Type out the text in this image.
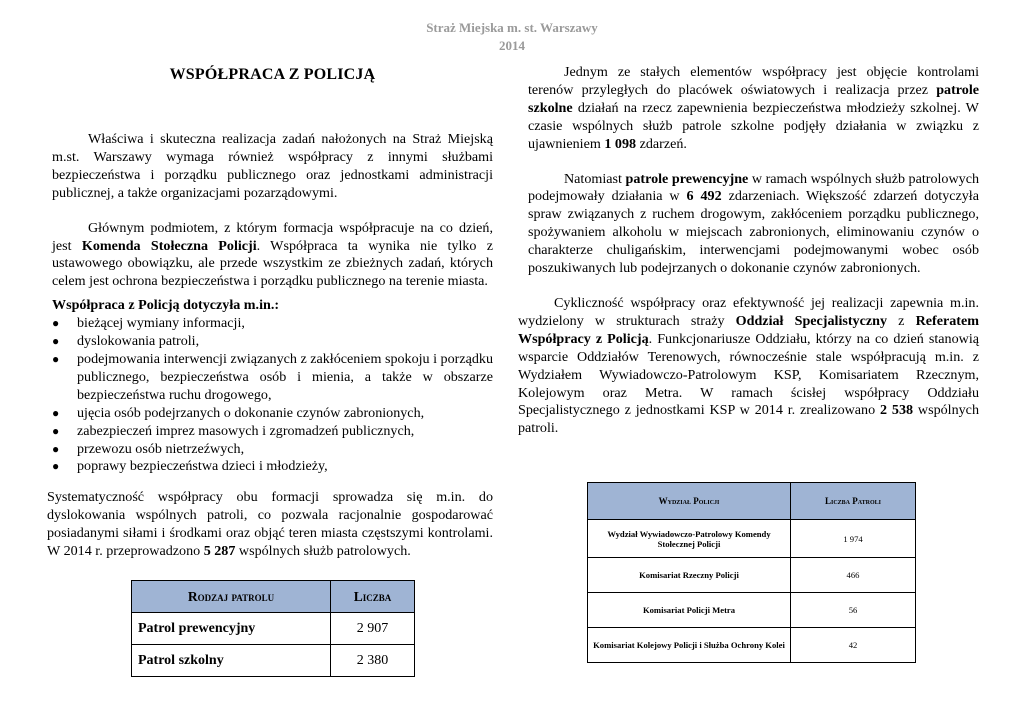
Straż Miejska m. st. Warszawy
2014
WSPÓŁPRACA Z POLICJĄ

Właściwa i skuteczna realizacja zadań nałożonych na Straż Miejską m.st. Warszawy wymaga również współpracy z innymi służbami bezpieczeństwa i porządku publicznego oraz jednostkami administracji publicznej, a także organizacjami pozarządowymi.

Głównym podmiotem, z którym formacja współpracuje na co dzień, jest Komenda Stołeczna Policji. Współpraca ta wynika nie tylko z ustawowego obowiązku, ale przede wszystkim ze zbieżnych zadań, których celem jest ochrona bezpieczeństwa i porządku publicznego na terenie miasta.

Współpraca z Policją dotyczyła m.in.:
● bieżącej wymiany informacji,
● dyslokowania patroli,
● podejmowania interwencji związanych z zakłóceniem spokoju i porządku publicznego, bezpieczeństwa osób i mienia, a także w obszarze bezpieczeństwa ruchu drogowego,
● ujęcia osób podejrzanych o dokonanie czynów zabronionych,
● zabezpieczeń imprez masowych i zgromadzeń publicznych,
● przewozu osób nietrzeźwych,
● poprawy bezpieczeństwa dzieci i młodzieży,

Systematyczność współpracy obu formacji sprowadza się m.in. do dyslokowania wspólnych patroli, co pozwala racjonalnie gospodarować posiadanymi siłami i środkami oraz objąć teren miasta częstszymi kontrolami. W 2014 r. przeprowadzono 5 287 wspólnych służb patrolowych.

Rodzaj patrolu	Liczba
Patrol prewencyjny	2 907
Patrol szkolny	2 380

Jednym ze stałych elementów współpracy jest objęcie kontrolami terenów przyległych do placówek oświatowych i realizacja przez patrole szkolne działań na rzecz zapewnienia bezpieczeństwa młodzieży szkolnej. W czasie wspólnych służb patrole szkolne podjęły działania w związku z ujawnieniem 1 098 zdarzeń.

Natomiast patrole prewencyjne w ramach wspólnych służb patrolowych podejmowały działania w 6 492 zdarzeniach. Większość zdarzeń dotyczyła spraw związanych z ruchem drogowym, zakłóceniem porządku publicznego, spożywaniem alkoholu w miejscach zabronionych, eliminowaniu czynów o charakterze chuligańskim, interwencjami podejmowanymi wobec osób poszukiwanych lub podejrzanych o dokonanie czynów zabronionych.

Cykliczność współpracy oraz efektywność jej realizacji zapewnia m.in. wydzielony w strukturach straży Oddział Specjalistyczny z Referatem Współpracy z Policją. Funkcjonariusze Oddziału, którzy na co dzień stanowią wsparcie Oddziałów Terenowych, równocześnie stale współpracują m.in. z Wydziałem Wywiadowczo-Patrolowym KSP, Komisariatem Rzecznym, Kolejowym oraz Metra. W ramach ścisłej współpracy Oddziału Specjalistycznego z jednostkami KSP w 2014 r. zrealizowano 2 538 wspólnych patroli.

Wydział Policji	Liczba Patroli
Wydział Wywiadowczo-Patrolowy Komendy Stołecznej Policji	1 974
Komisariat Rzeczny Policji	466
Komisariat Policji Metra	56
Komisariat Kolejowy Policji i Służba Ochrony Kolei	42
